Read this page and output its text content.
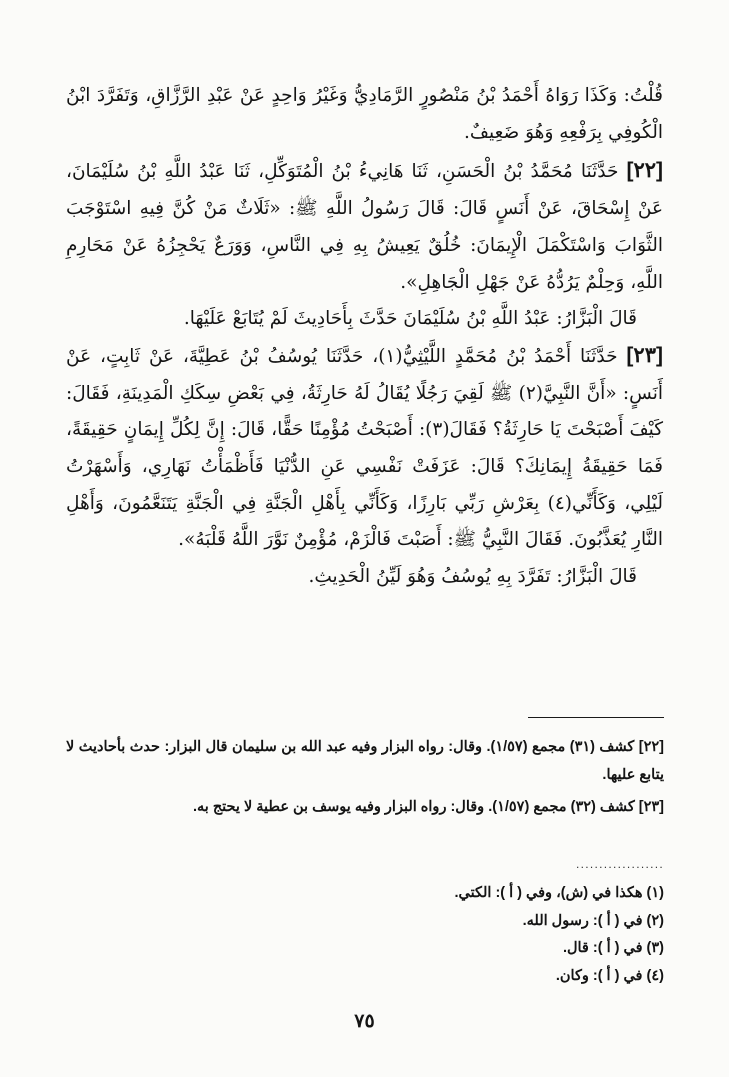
قُلْتُ: وَكَذَا رَوَاهُ أَحْمَدُ بْنُ مَنْصُورٍ الرَّمَادِيُّ وَغَيْرُ وَاحِدٍ عَنْ عَبْدِ الرَّزَّاقِ، وَتَفَرَّدَ ابْنُ الْكُوفِي بِرَفْعِهِ وَهُوَ ضَعِيفٌ.

[٢٢] حَدَّثَنَا مُحَمَّدُ بْنُ الْحَسَنِ، ثَنَا هَانِيءُ بْنُ الْمُتَوَكِّلِ، ثَنَا عَبْدُ اللَّهِ بْنُ سُلَيْمَانَ، عَنْ إِسْحَاقَ، عَنْ أَنَسٍ قَالَ: قَالَ رَسُولُ اللَّهِ ﷺ: «ثَلَاثٌ مَنْ كُنَّ فِيهِ اسْتَوْجَبَ الثَّوَابَ وَاسْتَكْمَلَ الْإِيمَانَ: خُلُقٌ يَعِيشُ بِهِ فِي النَّاسِ، وَوَرَعٌ يَحْجِزُهُ عَنْ مَحَارِمِ اللَّهِ، وَحِلْمٌ يَرُدُّهُ عَنْ جَهْلِ الْجَاهِلِ».

قَالَ الْبَزَّارُ: عَبْدُ اللَّهِ بْنُ سُلَيْمَانَ حَدَّثَ بِأَحَادِيثَ لَمْ يُتَابَعْ عَلَيْهَا.

[٢٣] حَدَّثَنَا أَحْمَدُ بْنُ مُحَمَّدٍ اللَّيْثِيُّ(١)، حَدَّثَنَا يُوسُفُ بْنُ عَطِيَّةَ، عَنْ ثَابِتٍ، عَنْ أَنَسٍ: «أَنَّ النَّبِيَّ(٢) ﷺ لَقِيَ رَجُلًا يُقَالُ لَهُ حَارِثَةُ، فِي بَعْضِ سِكَكِ الْمَدِينَةِ، فَقَالَ: كَيْفَ أَصْبَحْتَ يَا حَارِثَةُ؟ فَقَالَ(٣): أَصْبَحْتُ مُؤْمِنًا حَقًّا، قَالَ: إِنَّ لِكُلِّ إِيمَانٍ حَقِيقَةً، فَمَا حَقِيقَةُ إِيمَانِكَ؟ قَالَ: عَزَفَتْ نَفْسِي عَنِ الدُّنْيَا فَأَظْمَأْتُ نَهَارِي، وَأَسْهَرْتُ لَيْلِي، وَكَأَنِّي(٤) بِعَرْشِ رَبِّي بَارِزًا، وَكَأَنِّي بِأَهْلِ الْجَنَّةِ فِي الْجَنَّةِ يَتَنَعَّمُونَ، وَأَهْلِ النَّارِ يُعَذَّبُونَ. فَقَالَ النَّبِيُّ ﷺ: أَصَبْتَ فَالْزَمْ، مُؤْمِنٌ نَوَّرَ اللَّهُ قَلْبَهُ».

قَالَ الْبَزَّارُ: تَفَرَّدَ بِهِ يُوسُفُ وَهُوَ لَيِّنُ الْحَدِيثِ.

[٢٢] كشف (٣١) مجمع (١/٥٧). وقال: رواه البزار وفيه عبد الله بن سليمان قال البزار: حدث بأحاديث لا يتابع عليها.

[٢٣] كشف (٣٢) مجمع (١/٥٧). وقال: رواه البزار وفيه يوسف بن عطية لا يحتج به.

...................
(١) هكذا في (ش)، وفي ( أ ): الكتي.
(٢) في ( أ ): رسول الله.
(٣) في ( أ ): قال.
(٤) في ( أ ): وكان.
٧٥
